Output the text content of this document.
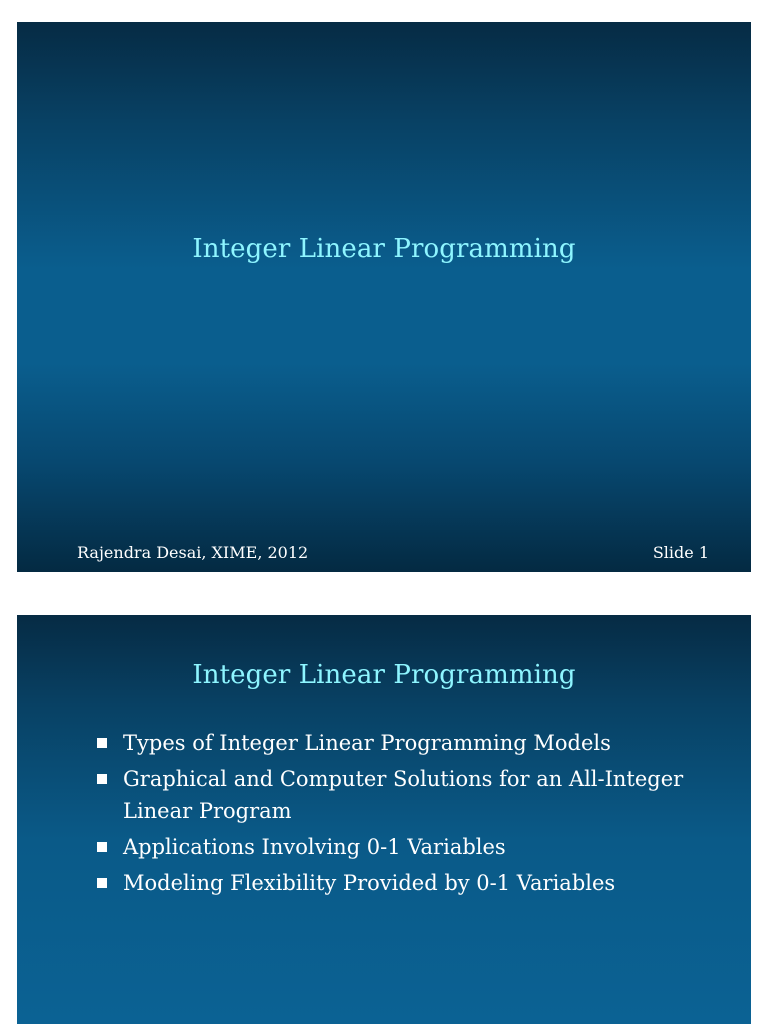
Integer Linear Programming
Rajendra Desai, XIME, 2012	Slide 1
Integer Linear Programming
Types of Integer Linear Programming Models
Graphical and Computer Solutions for an All-Integer Linear Program
Applications Involving 0-1 Variables
Modeling Flexibility Provided by 0-1 Variables
